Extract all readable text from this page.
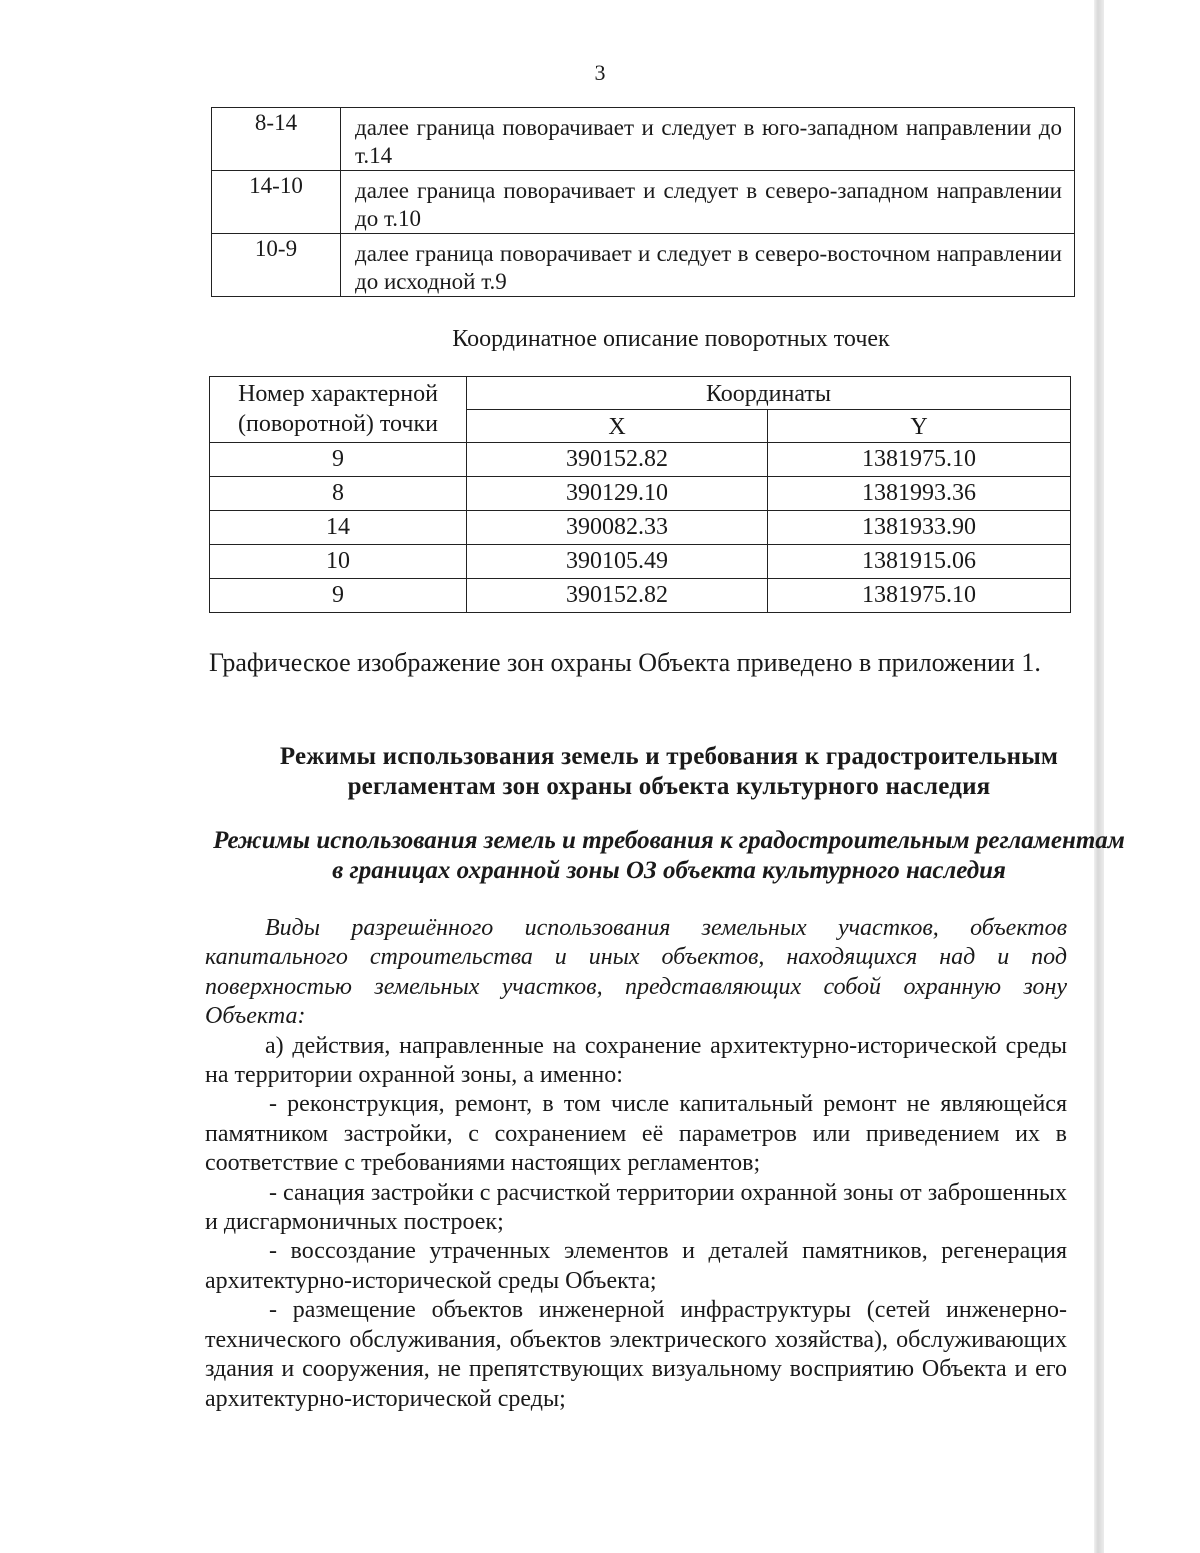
3
8-14	далее граница поворачивает и следует в юго-западном направлении до т.14
14-10	далее граница поворачивает и следует в северо-западном направлении до т.10
10-9	далее граница поворачивает и следует в северо-восточном направлении до исходной т.9
Координатное описание поворотных точек
Номер характерной (поворотной) точки	Координаты	
	X	Y
9	390152.82	1381975.10
8	390129.10	1381993.36
14	390082.33	1381933.90
10	390105.49	1381915.06
9	390152.82	1381975.10
Графическое изображение зон охраны Объекта приведено в приложении 1.
Режимы использования земель и требования к градостроительным регламентам зон охраны объекта культурного наследия
Режимы использования земель и требования к градостроительным регламентам в границах охранной зоны ОЗ объекта культурного наследия

Виды разрешённого использования земельных участков, объектов капитального строительства и иных объектов, находящихся над и под поверхностью земельных участков, представляющих собой охранную зону Объекта:

а) действия, направленные на сохранение архитектурно-исторической среды на территории охранной зоны, а именно:

- реконструкция, ремонт, в том числе капитальный ремонт не являющейся памятником застройки, с сохранением её параметров или приведением их в соответствие с требованиями настоящих регламентов;

- санация застройки с расчисткой территории охранной зоны от заброшенных и дисгармоничных построек;

- воссоздание утраченных элементов и деталей памятников, регенерация архитектурно-исторической среды Объекта;

- размещение объектов инженерной инфраструктуры (сетей инженерно-технического обслуживания, объектов электрического хозяйства), обслуживающих здания и сооружения, не препятствующих визуальному восприятию Объекта и его архитектурно-исторической среды;
